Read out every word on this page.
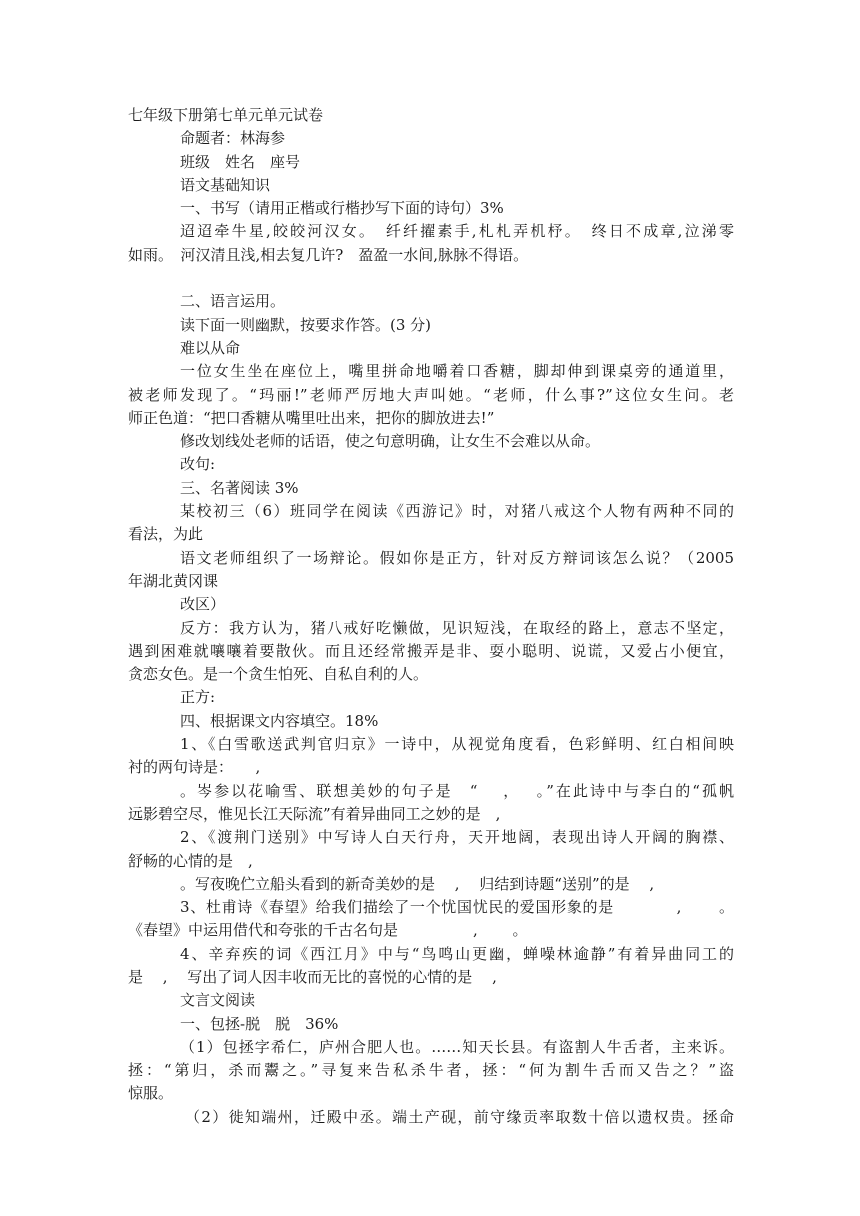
七年级下册第七单元单元试卷
命题者：林海参
班级　姓名　座号
语文基础知识
一、书写（请用正楷或行楷抄写下面的诗句）3%
迢迢牵牛星,皎皎河汉女。　纤纤擢素手,札札弄机杼。　终日不成章,泣涕零
如雨。　河汉清且浅,相去复几许?　盈盈一水间,脉脉不得语。
二、语言运用。
读下面一则幽默，按要求作答。(3 分)
难以从命
一位女生坐在座位上，嘴里拼命地嚼着口香糖，脚却伸到课桌旁的通道里，
被老师发现了。“玛丽!”老师严厉地大声叫她。“老师，什么事?”这位女生问。老
师正色道：“把口香糖从嘴里吐出来，把你的脚放进去!”
修改划线处老师的话语，使之句意明确，让女生不会难以从命。
改句:
三、名著阅读 3%
某校初三（6）班同学在阅读《西游记》时，对猪八戒这个人物有两种不同的
看法，为此
语文老师组织了一场辩论。假如你是正方，针对反方辩词该怎么说？（2005
年湖北黄冈课
改区）
反方：我方认为，猪八戒好吃懒做，见识短浅，在取经的路上，意志不坚定，
遇到困难就嚷嚷着要散伙。而且还经常搬弄是非、耍小聪明、说谎，又爱占小便宜，
贪恋女色。是一个贪生怕死、自私自利的人。
正方:
四、根据课文内容填空。18%
1、《白雪歌送武判官归京》一诗中，从视觉角度看，色彩鲜明、红白相间映
衬的两句诗是：　　,
。岑参以花喻雪、联想美妙的句子是　“　 ，　 。”在此诗中与李白的“孤帆
远影碧空尽，惟见长江天际流”有着异曲同工之妙的是　,
2、《渡荆门送别》中写诗人白天行舟，天开地阔，表现出诗人开阔的胸襟、
舒畅的心情的是　,
。写夜晚伫立船头看到的新奇美妙的是　 ,　 归结到诗题“送别”的是　 ,
3、杜甫诗《春望》给我们描绘了一个忧国忧民的爱国形象的是　　　　,　　 。
《春望》中运用借代和夸张的千古名句是　　　　　,　　 。
4、辛弃疾的词《西江月》中与“鸟鸣山更幽，蝉噪林逾静”有着异曲同工的
是　 ,　 写出了词人因丰收而无比的喜悦的心情的是　 ,
文言文阅读
一、包拯-脱　脱　36%
（1）包拯字希仁，庐州合肥人也。……知天长县。有盗割人牛舌者，主来诉。
拯：“第归，杀而鬻之。”寻复来告私杀牛者，拯：“何为割牛舌而又告之？”盗
惊服。
（2）徙知端州，迁殿中丞。端土产砚，前守缘贡率取数十倍以遗权贵。拯命
